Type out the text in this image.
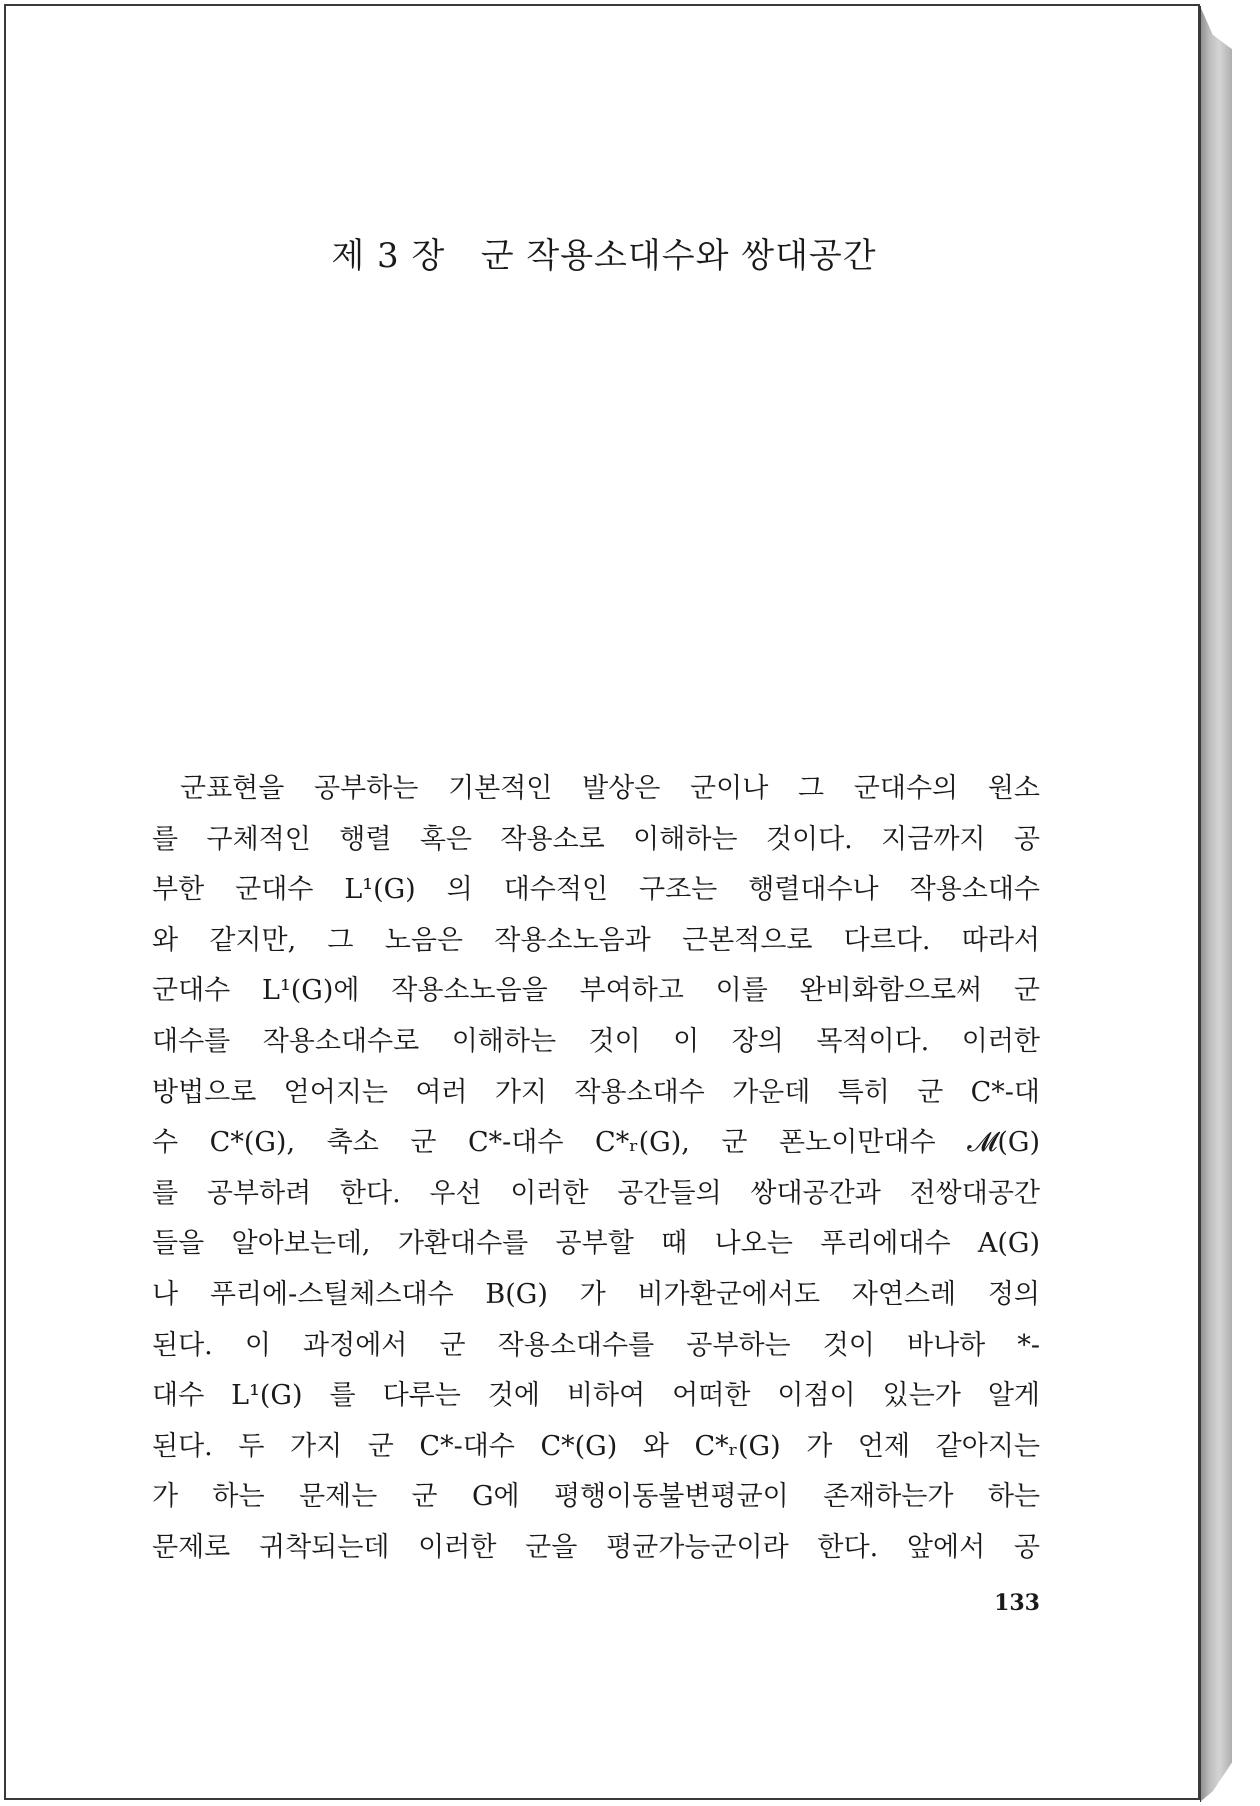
제 3 장   군 작용소대수와 쌍대공간
군표현을 공부하는 기본적인 발상은 군이나 그 군대수의 원소
를 구체적인 행렬 혹은 작용소로 이해하는 것이다. 지금까지 공
부한 군대수 L¹(G) 의 대수적인 구조는 행렬대수나 작용소대수
와 같지만, 그 노음은 작용소노음과 근본적으로 다르다. 따라서
군대수 L¹(G)에 작용소노음을 부여하고 이를 완비화함으로써 군
대수를 작용소대수로 이해하는 것이 이 장의 목적이다. 이러한
방법으로 얻어지는 여러 가지 작용소대수 가운데 특히 군 C*-대
수 C*(G), 축소 군 C*-대수 C*ᵣ(G), 군 폰노이만대수 𝓜(G)
를 공부하려 한다. 우선 이러한 공간들의 쌍대공간과 전쌍대공간
들을 알아보는데, 가환대수를 공부할 때 나오는 푸리에대수 A(G)
나 푸리에-스틸체스대수 B(G) 가 비가환군에서도 자연스레 정의
된다. 이 과정에서 군 작용소대수를 공부하는 것이 바나하 *-
대수 L¹(G) 를 다루는 것에 비하여 어떠한 이점이 있는가 알게
된다. 두 가지 군 C*-대수 C*(G) 와 C*ᵣ(G) 가 언제 같아지는
가 하는 문제는 군 G에 평행이동불변평균이 존재하는가 하는
문제로 귀착되는데 이러한 군을 평균가능군이라 한다. 앞에서 공
133
